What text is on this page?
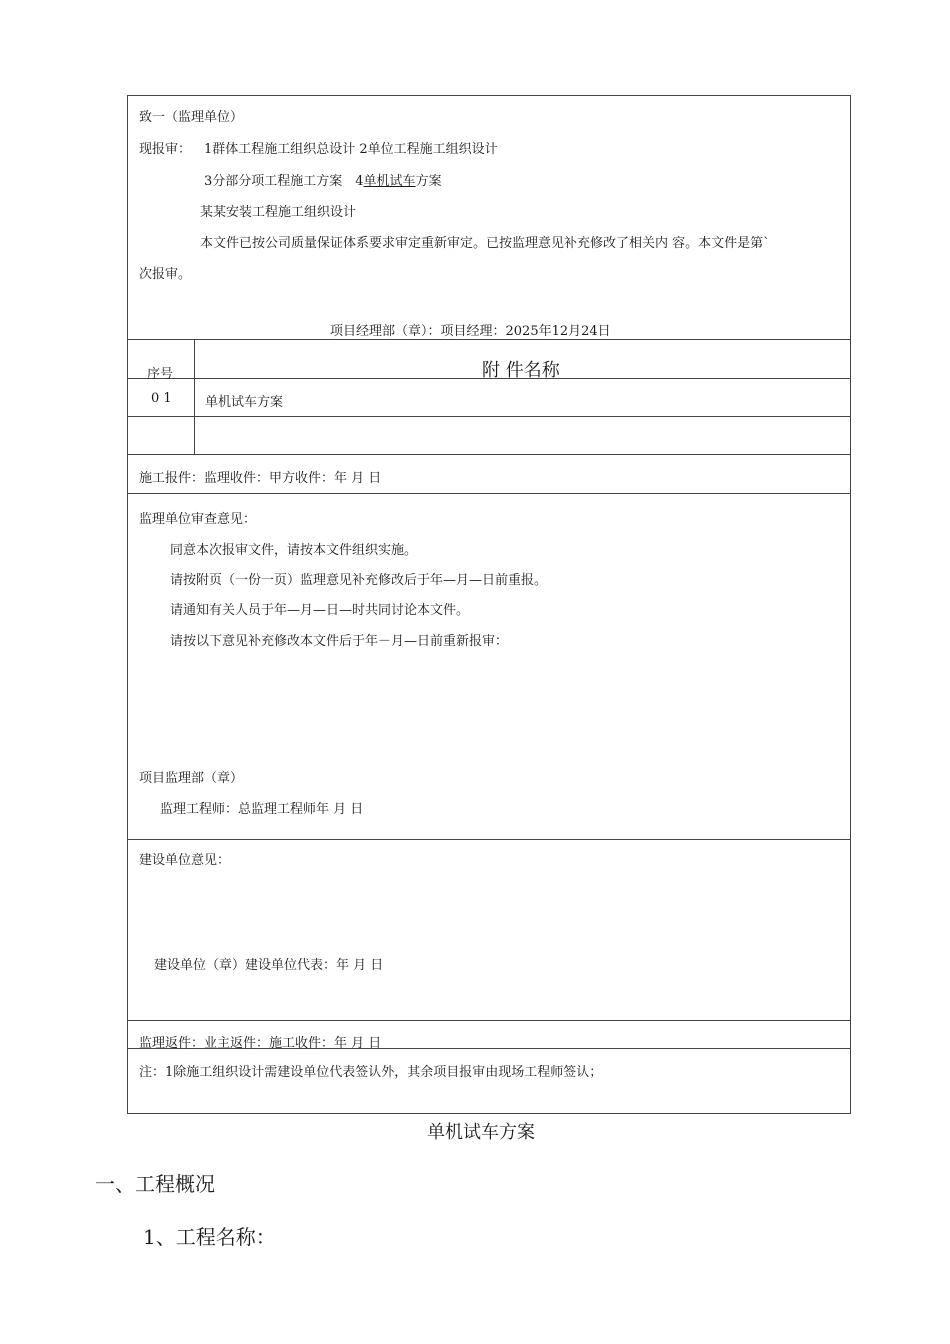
致一（监理单位）
现报审： 1群体工程施工组织总设计 2单位工程施工组织设计
3分部分项工程施工方案　4单机试车方案
某某安装工程施工组织设计
本文件已按公司质量保证体系要求审定重新审定。已按监理意见补充修改了相关内 容。本文件是第`
次报审。
项目经理部（章）：项目经理：2025年12月24日
序号	附 件名称
0 1	单机试车方案
施工报件：监理收件：甲方收件：年 月 日
监理单位审查意见：
同意本次报审文件，请按本文件组织实施。
请按附页（一份一页）监理意见补充修改后于年—月—日前重报。
请通知有关人员于年—月—日—时共同讨论本文件。
请按以下意见补充修改本文件后于年－月—日前重新报审：
项目监理部（章）
监理工程师：总监理工程师年 月 日
建设单位意见：
建设单位（章）建设单位代表：年 月 日
监理返件：业主返件：施工收件：年 月 日
注：1除施工组织设计需建设单位代表签认外，其余项目报审由现场工程师签认；
单机试车方案
一、工程概况
1、工程名称：
